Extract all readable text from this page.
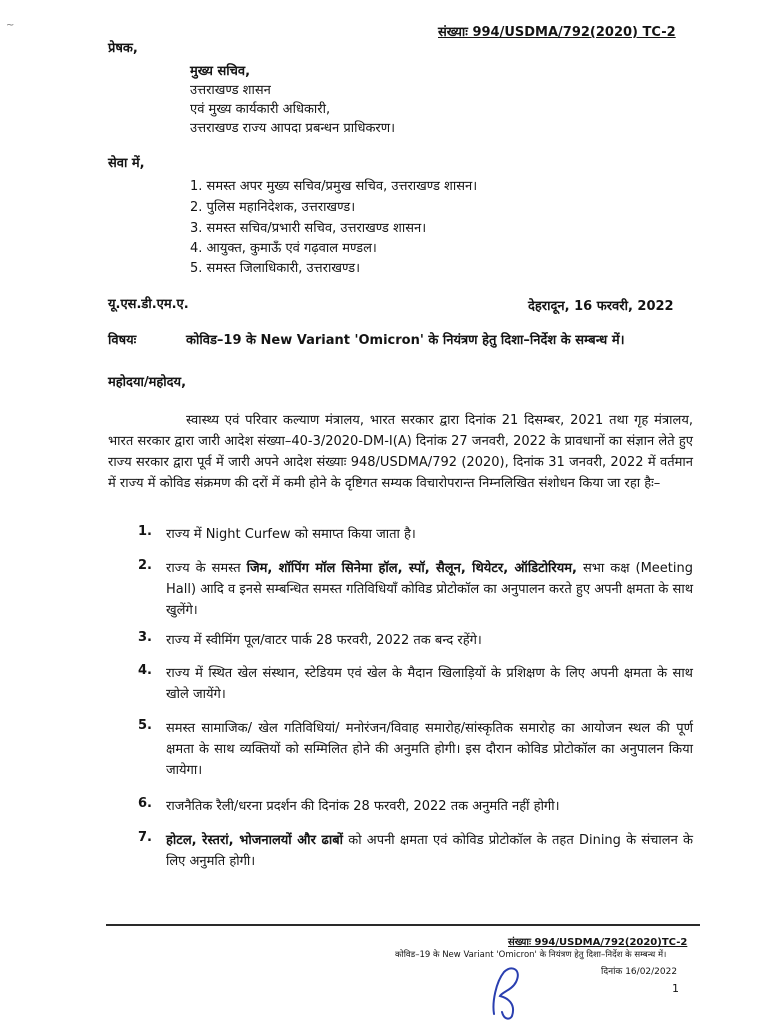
~	संख्याः 994/USDMA/792(2020) TC-2
प्रेषक,
मुख्य सचिव,
उत्तराखण्ड शासन
एवं मुख्य कार्यकारी अधिकारी,
उत्तराखण्ड राज्य आपदा प्रबन्धन प्राधिकरण।
सेवा में,
1. समस्त अपर मुख्य सचिव/प्रमुख सचिव, उत्तराखण्ड शासन।
2. पुलिस महानिदेशक, उत्तराखण्ड।
3. समस्त सचिव/प्रभारी सचिव, उत्तराखण्ड शासन।
4. आयुक्त, कुमाऊँ एवं गढ़वाल मण्डल।
5. समस्त जिलाधिकारी, उत्तराखण्ड।
यू.एस.डी.एम.ए.	देहरादून, 16 फरवरी, 2022
विषयः	कोविड–19 के New Variant 'Omicron' के नियंत्रण हेतु दिशा–निर्देश के सम्बन्ध में।
महोदया/महोदय,
स्वास्थ्य एवं परिवार कल्याण मंत्रालय, भारत सरकार द्वारा दिनांक 21 दिसम्बर, 2021 तथा गृह मंत्रालय, भारत सरकार द्वारा जारी आदेश संख्या–40-3/2020-DM-I(A) दिनांक 27 जनवरी, 2022 के प्रावधानों का संज्ञान लेते हुए राज्य सरकार द्वारा पूर्व में जारी अपने आदेश संख्याः 948/USDMA/792 (2020), दिनांक 31 जनवरी, 2022 में वर्तमान में राज्य में कोविड संक्रमण की दरों में कमी होने के दृष्टिगत सम्यक विचारोपरान्त निम्नलिखित संशोधन किया जा रहा हैः–
1. राज्य में Night Curfew को समाप्त किया जाता है।
2. राज्य के समस्त जिम, शॉपिंग मॉल सिनेमा हॉल, स्पॉ, सैलून, थियेटर, ऑडिटोरियम, सभा कक्ष (Meeting Hall) आदि व इनसे सम्बन्धित समस्त गतिविधियाँ कोविड प्रोटोकॉल का अनुपालन करते हुए अपनी क्षमता के साथ खुलेंगे।
3. राज्य में स्वीमिंग पूल/वाटर पार्क 28 फरवरी, 2022 तक बन्द रहेंगे।
4. राज्य में स्थित खेल संस्थान, स्टेडियम एवं खेल के मैदान खिलाड़ियों के प्रशिक्षण के लिए अपनी क्षमता के साथ खोले जायेंगे।
5. समस्त सामाजिक/ खेल गतिविधियां/ मनोरंजन/विवाह समारोह/सांस्कृतिक समारोह का आयोजन स्थल की पूर्ण क्षमता के साथ व्यक्तियों को सम्मिलित होने की अनुमति होगी। इस दौरान कोविड प्रोटोकॉल का अनुपालन किया जायेगा।
6. राजनैतिक रैली/धरना प्रदर्शन की दिनांक 28 फरवरी, 2022 तक अनुमति नहीं होगी।
7. होटल, रेस्तरां, भोजनालयों और ढाबों को अपनी क्षमता एवं कोविड प्रोटोकॉल के तहत Dining के संचालन के लिए अनुमति होगी।
संख्याः 994/USDMA/792(2020)TC-2
कोविड–19 के New Variant 'Omicron' के नियंत्रण हेतु दिशा–निर्देश के सम्बन्ध में।
दिनांक 16/02/2022
1
